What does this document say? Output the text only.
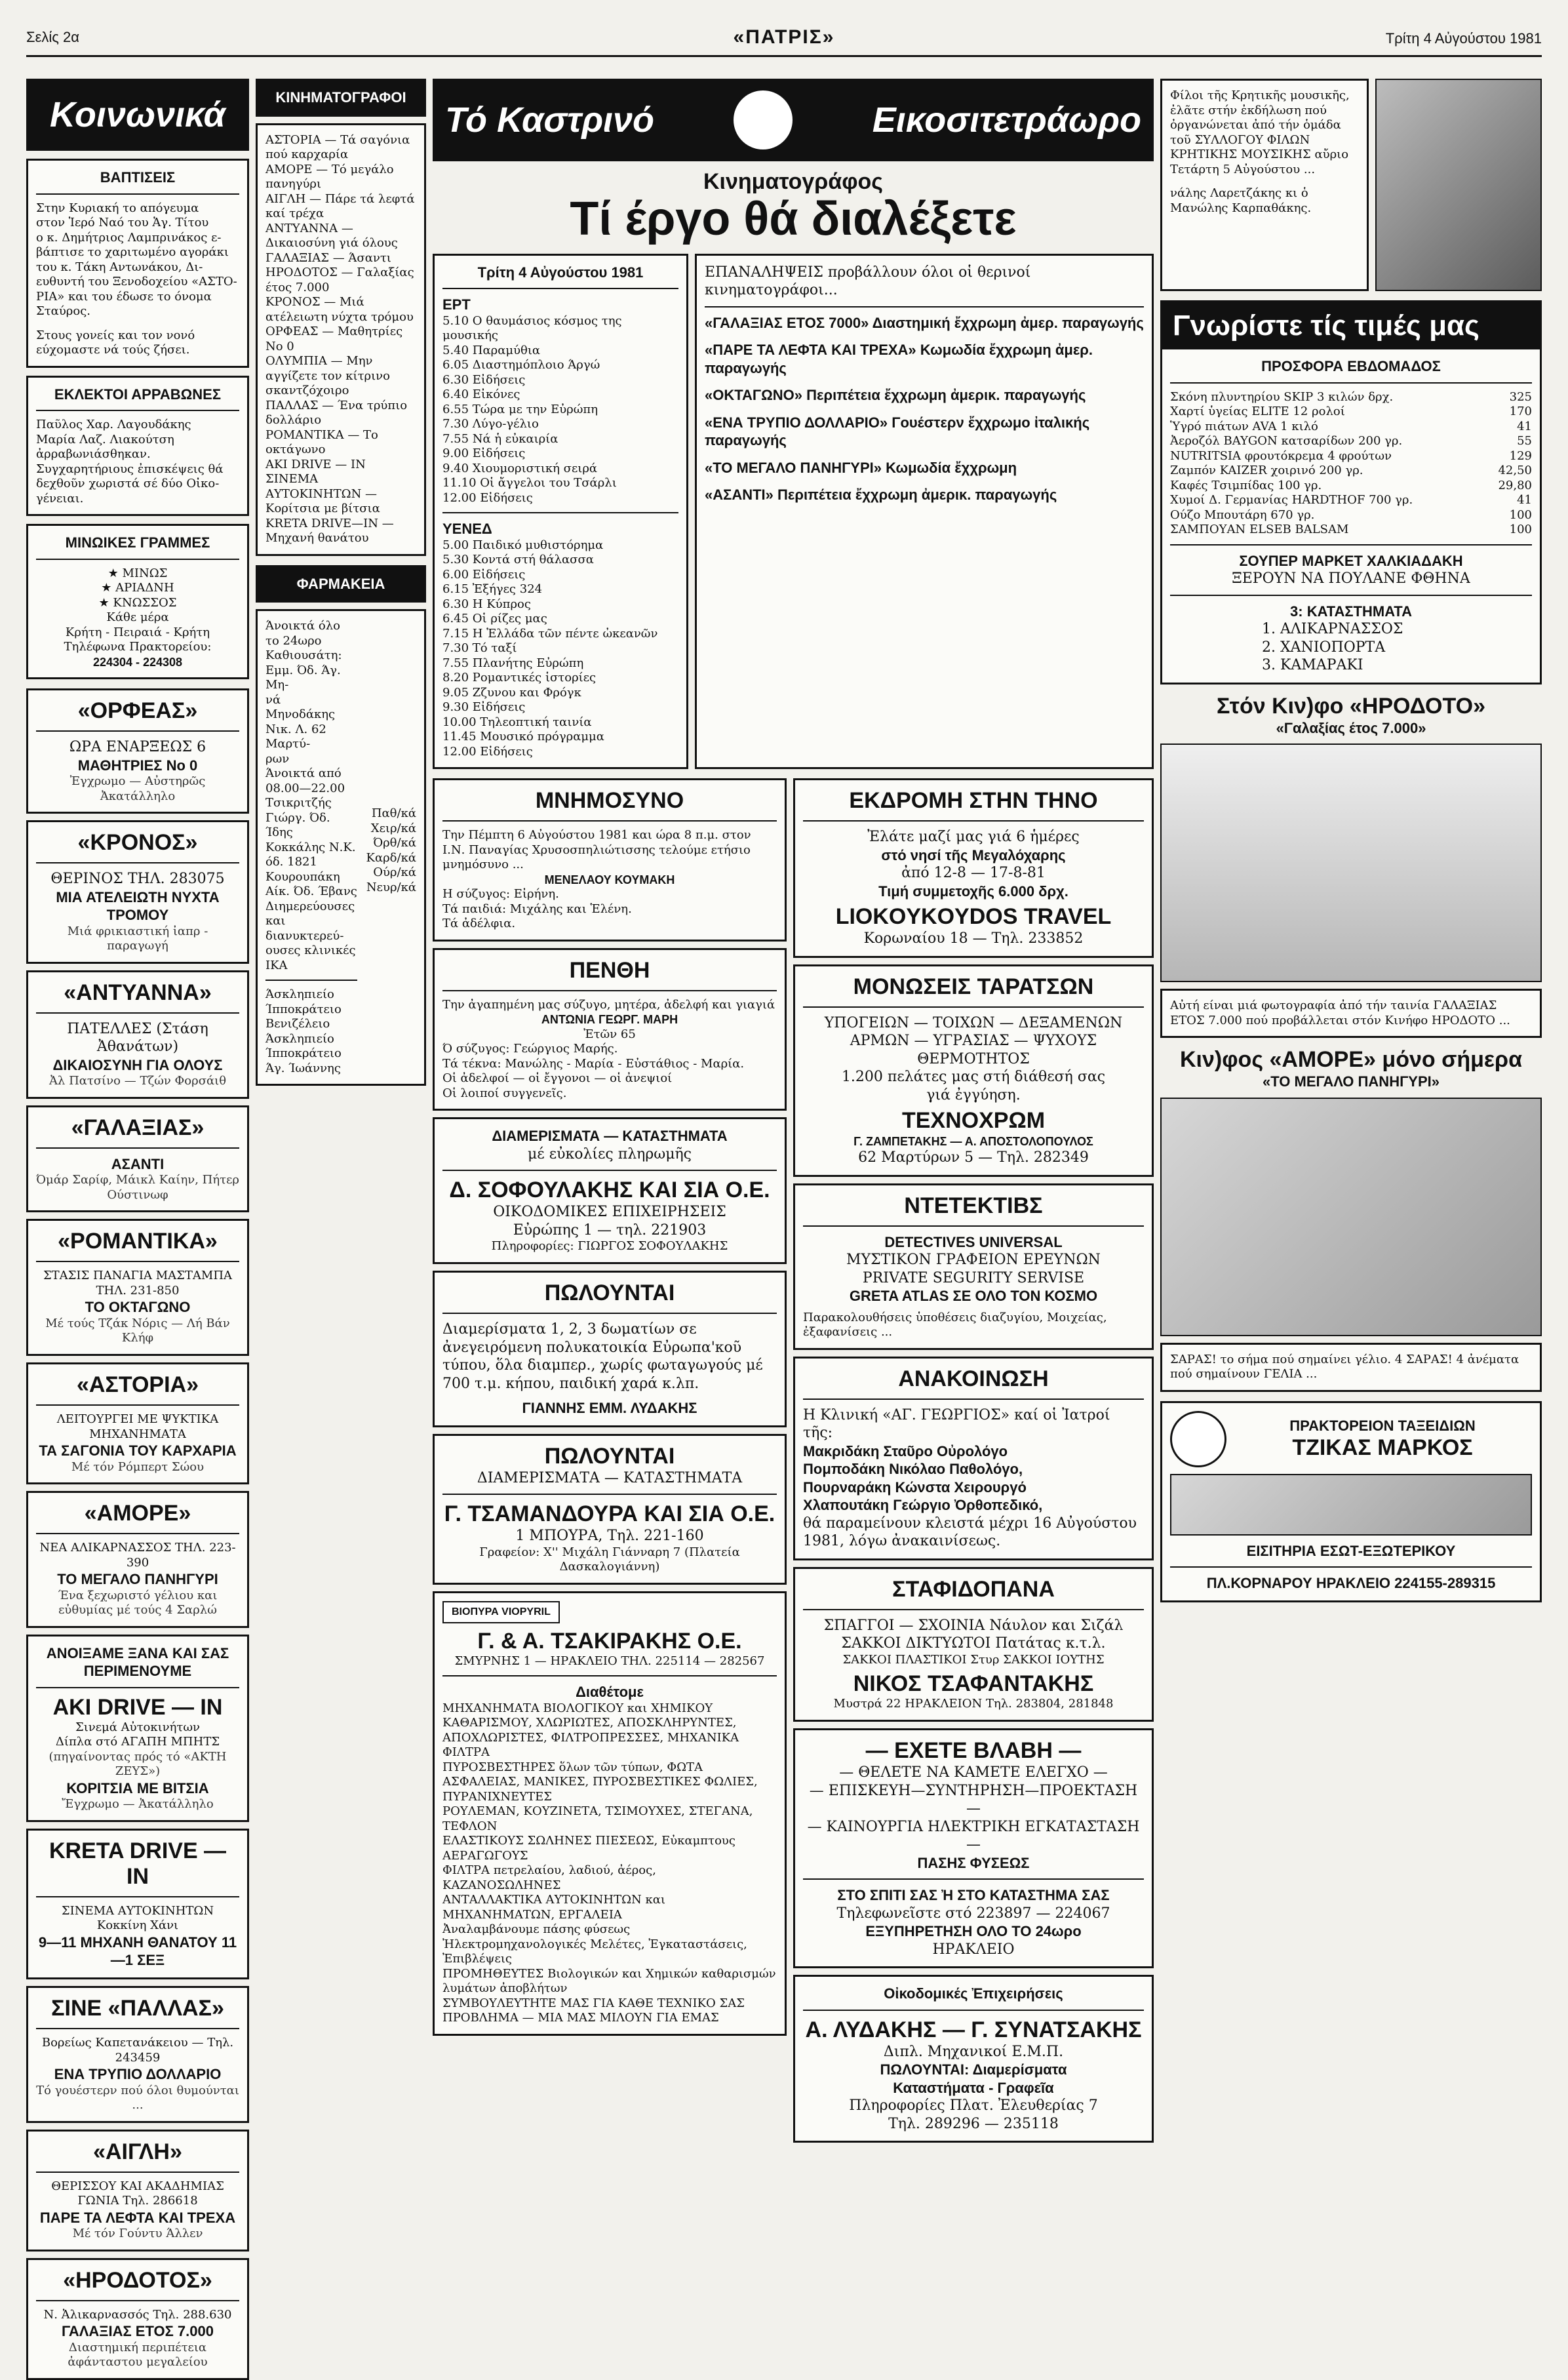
Σελίς 2α	«ΠΑΤΡΙΣ»	Τρίτη 4 Αὐγούστου 1981
Κοινωνικά
ΒΑΠΤΙΣΕΙΣ
Στην Κυριακή το απόγευμα
στον Ἱερό Ναό του Ἁγ. Τίτου
ο κ. Δημήτριος Λαμπρινάκος ε-
βάπτισε το χαριτωμένο αγοράκι
του κ. Τάκη Αντωνάκου, Δι-
ευθυντή του Ξενοδοχείου «ΑΣΤΟ-
ΡΙΑ» και του έδωσε το όνομα
Σταύρος.
Στους γονείς και τον νονό εύχομαστε νά τούς ζήσει.
ΕΚΛΕΚΤΟΙ ΑΡΡΑΒΩΝΕΣ
Παῦλος Χαρ. Λαγουδάκης
Μαρία Λαζ. Λιακούτση
ἀρραβωνιάσθηκαν.
Συγχαρητήριους ἐπισκέψεις θά
δεχθοῦν χωριστά σέ δύο Οἰκο-
γένειαι.
ΜΙΝΩΙΚΕΣ ΓΡΑΜΜΕΣ
★ ΜΙΝΩΣ
★ ΑΡΙΑΔΝΗ
★ ΚΝΩΣΣΟΣ
Κάθε μέρα
Κρήτη - Πειραιά - Κρήτη
Τηλέφωνα Πρακτορείου:
224304 - 224308
«ΟΡΦΕΑΣ»
ΩΡΑ ΕΝΑΡΞΕΩΣ 6
ΜΑΘΗΤΡΙΕΣ Νο 0
Ἐγχρωμο — Αὐστηρῶς Ἀκατάλληλο
«ΚΡΟΝΟΣ»
ΘΕΡΙΝΟΣ ΤΗΛ. 283075
ΜΙΑ ΑΤΕΛΕΙΩΤΗ ΝΥΧΤΑ ΤΡΟΜΟΥ
Μιά φρικιαστική ἰαπρ - παραγωγή
«ΑΝΤΥΑΝΝΑ»
ΠΑΤΕΛΛΕΣ (Στάση Ἀθανάτων)
ΔΙΚΑΙΟΣΥΝΗ ΓΙΑ ΟΛΟΥΣ
Ἀλ Πατσίνο — Τζών Φορσάιθ
«ΓΑΛΑΞΙΑΣ»
ΑΣΑΝΤΙ
Όμάρ Σαρίφ, Μάικλ Καίην, Πήτερ Ούστινωφ
«ΡΟΜΑΝΤΙΚΑ»
ΣΤΑΣΙΣ ΠΑΝΑΓΙΑ ΜΑΣΤΑΜΠΑ ΤΗΛ. 231-850
ΤΟ ΟΚΤΑΓΩΝΟ
Μέ τούς Τζάκ Νόρις — Λή Βάν Κλήφ
«ΑΣΤΟΡΙΑ»
ΛΕΙΤΟΥΡΓΕΙ ΜΕ ΨΥΚΤΙΚΑ ΜΗΧΑΝΗΜΑΤΑ
ΤΑ ΣΑΓΟΝΙΑ ΤΟΥ ΚΑΡΧΑΡΙΑ
Μέ τόν Ρόμπερτ Σώου
«ΑΜΟΡΕ»
ΝΕΑ ΑΛΙΚΑΡΝΑΣΣΟΣ ΤΗΛ. 223-390
ΤΟ ΜΕΓΑΛΟ ΠΑΝΗΓΥΡΙ
Ένα ξεχωριστό γέλιου και εὐθυμίας μέ τούς 4 Σαρλώ
ΑΝΟΙΞΑΜΕ ΞΑΝΑ ΚΑΙ ΣΑΣ ΠΕΡΙΜΕΝΟΥΜΕ
AKI DRIVE — IN
Σινεμά Αὐτοκινήτων
Δίπλα στό ΑΓΑΠΗ ΜΠΗΤΣ
(πηγαίνοντας πρός τό «ΑΚΤΗ ΖΕΥΣ»)
ΚΟΡΙΤΣΙΑ ΜΕ ΒΙΤΣΙΑ
Ἔγχρωμο — Ἀκατάλληλο
KRETA DRIVE — IN
ΣΙΝΕΜΑ ΑΥΤΟΚΙΝΗΤΩΝ
Κοκκίνη Χάνι
9—11 ΜΗΧΑΝΗ ΘΑΝΑΤΟΥ 11—1 ΣΕΞ
ΣΙΝΕ «ΠΑΛΛΑΣ»
Βορείως Καπετανάκειου — Τηλ. 243459
ΕΝΑ ΤΡΥΠΙΟ ΔΟΛΛΑΡΙΟ
Τό γουέστερν πού όλοι θυμούνται ...
«ΑΙΓΛΗ»
ΘΕΡΙΣΣΟΥ ΚΑΙ ΑΚΑΔΗΜΙΑΣ ΓΩΝΙΑ Τηλ. 286618
ΠΑΡΕ ΤΑ ΛΕΦΤΑ ΚΑΙ ΤΡΕΧΑ
Μέ τόν Γούντυ Άλλεν
«ΗΡΟΔΟΤΟΣ»
Ν. Ἀλικαρνασσός Τηλ. 288.630
ΓΑΛΑΞΙΑΣ ΕΤΟΣ 7.000
Διαστημική περιπέτεια ἀφάνταστου μεγαλείου
ΚΙΝΗΜΑΤΟΓΡΑΦΟΙ
ΑΣΤΟΡΙΑ — Τά σαγόνια πού καρχαρία
ΑΜΟΡΕ — Τό μεγάλο πανηγύρι
ΑΙΓΛΗ — Πάρε τά λεφτά καί τρέχα
ΑΝΤΥΑΝΝΑ — Δικαιοσύνη γιά όλους
ΓΑΛΑΞΙΑΣ — Άσαντι
ΗΡΟΔΟΤΟΣ — Γαλαξίας έτος 7.000
ΚΡΟΝΟΣ — Μιά ατέλειωτη νύχτα τρόμου
ΟΡΦΕΑΣ — Μαθητρίες Νο 0
ΟΛΥΜΠΙΑ — Μην αγγίζετε τον κίτρινο σκαντζόχοιρο
ΠΑΛΛΑΣ — Ένα τρύπιο δολλάριο
ΡΟΜΑΝΤΙΚΑ — Το οκτάγωνο
AKI DRIVE — IN
ΣΙΝΕΜΑ ΑΥΤΟΚΙΝΗΤΩΝ — Κορίτσια με βίτσια
KRETA DRIVE—IN — Μηχανή θανάτου
ΦΑΡΜΑΚΕΙΑ
Άνοικτά όλο το 24ωρο
Καθιουσάτη: Εμμ. Όδ. Άγ. Μη-
νά
Μηνοδάκης Νικ. Λ. 62 Μαρτύ-
ρων
Άνοικτά από 08.00—22.00
Τσικριτζής Γιώργ. Όδ. Ίδης
Κοκκάλης Ν.Κ. όδ. 1821
Κουρουπάκη Αίκ. Όδ. Έβανς
Διημερεύουσες και διανυκτερεύ-
ουσες κλινικές ΙΚΑ
Άσκληπιείο
Ίπποκράτειο
Βενιζέλειο
Άσκληπιείο
Ίπποκράτειο
Άγ. Ίωάννης
Παθ/κά
Χειρ/κά
Όρθ/κά
Καρδ/κά
Ούρ/κά
Νευρ/κά
Τό Καστρινό	Εικοσιτετράωρο
Κινηματογράφος
Τί έργο θά διαλέξετε
Τρίτη 4 Αὐγούστου 1981
ΕΡΤ
5.10 Ο θαυμάσιος κόσμος της μουσικής
5.40 Παραμύθια
6.05 Διαστημόπλοιο Άργώ
6.30 Εἰδήσεις
6.40 Εἰκόνες
6.55 Τώρα με την Εὐρώπη
7.30 Λύγο-γέλιο
7.55 Νά ἡ εὐκαιρία
9.00 Εἰδήσεις
9.40 Χιουμοριστική σειρά
11.10 Οἱ ἄγγελοι του Τσάρλι
12.00 Εἰδήσεις
ΥΕΝΕΔ
5.00 Παιδικό μυθιστόρημα
5.30 Κοντά στή θάλασσα
6.00 Εἰδήσεις
6.15 Ἐξήγες 324
6.30 Η Κύπρος
6.45 Οἱ ρίζες μας
7.15 Η Ἑλλάδα τῶν πέντε ὠκεανῶν
7.30 Τό ταξί
7.55 Πλανήτης Εὐρώπη
8.20 Ρομαντικές ἱστορίες
9.05 Ζζυνου και Φρόγκ
9.30 Εἰδήσεις
10.00 Τηλεοπτική ταινία
11.45 Μουσικό πρόγραμμα
12.00 Εἰδήσεις
ΕΠΑΝΑΛΗΨΕΙΣ προβάλλουν όλοι οἱ θερινοί κινηματογράφοι...
«ΓΑΛΑΞΙΑΣ ΕΤΟΣ 7000» Διαστημική ἔχχρωμη ἀμερ. παραγωγής
«ΠΑΡΕ ΤΑ ΛΕΦΤΑ ΚΑΙ ΤΡΕΧΑ» Κωμωδία ἔχχρωμη ἀμερ. παραγωγής
«ΟΚΤΑΓΩΝΟ» Περιπέτεια ἔχχρωμη ἀμερικ. παραγωγής
«ΕΝΑ ΤΡΥΠΙΟ ΔΟΛΛΑΡΙΟ» Γουέστερν ἔχχρωμο ἰταλικής παραγωγής
«ΤΟ ΜΕΓΑΛΟ ΠΑΝΗΓΥΡΙ» Κωμωδία ἔχχρωμη
«ΑΣΑΝΤΙ» Περιπέτεια ἔχχρωμη ἀμερικ. παραγωγής
ΜΝΗΜΟΣΥΝΟ
Την Πέμπτη 6 Αὐγούστου 1981 και ώρα 8 π.μ. στον Ι.Ν. Παναγίας Χρυσοσπηλιώτισσης τελούμε ετήσιο μνημόσυνο ...
ΜΕΝΕΛΑΟΥ ΚΟΥΜΑΚΗ
Η σύζυγος: Εἰρήνη.
Τά παιδιά: Μιχάλης και Ἑλένη.
Τά ἀδέλφια.
ΠΕΝΘΗ
Την ἀγαπημένη μας σύζυγο, μητέρα, ἀδελφή και γιαγιά
ΑΝΤΩΝΙΑ ΓΕΩΡΓ. ΜΑΡΗ
Ἐτῶν 65
Ό σύζυγος: Γεώργιος Μαρής.
Τά τέκνα: Μανώλης - Μαρία - Εὐστάθιος - Μαρία.
Οἱ ἀδελφοί — οἱ ἔγγονοι — οἱ ἀνεψιοί
Οἱ λοιποί συγγενεῖς.
ΔΙΑΜΕΡΙΣΜΑΤΑ — ΚΑΤΑΣΤΗΜΑΤΑ
μέ εὐκολίες πληρωμῆς
Δ. ΣΟΦΟΥΛΑΚΗΣ ΚΑΙ ΣΙΑ Ο.Ε.
ΟΙΚΟΔΟΜΙΚΕΣ ΕΠΙΧΕΙΡΗΣΕΙΣ
Εὐρώπης 1 — τηλ. 221903
Πληροφορίες: ΓΙΩΡΓΟΣ ΣΟΦΟΥΛΑΚΗΣ
ΠΩΛΟΥΝΤΑΙ
Διαμερίσματα 1, 2, 3 δωματίων σε ἀνεγειρόμενη πολυκατοικία Εὐρωπα'κοῦ τύπου, ὅλα διαμπερ., χωρίς φωταγωγούς μέ 700 τ.μ. κήπου, παιδική χαρά κ.λπ.
ΓΙΑΝΝΗΣ ΕΜΜ. ΛΥΔΑΚΗΣ
ΠΩΛΟΥΝΤΑΙ
ΔΙΑΜΕΡΙΣΜΑΤΑ — ΚΑΤΑΣΤΗΜΑΤΑ
Γ. ΤΣΑΜΑΝΔΟΥΡΑ ΚΑΙ ΣΙΑ Ο.Ε.
1 ΜΠΟΥΡΑ, Τηλ. 221-160
Γραφείον: Χ'' Μιχάλη Γιάνναρη 7 (Πλατεία Δασκαλογιάννη)
ΒΙΟΠΥΡΑ VIOPYRIL
Γ. & Α. ΤΣΑΚΙΡΑΚΗΣ Ο.Ε.
ΣΜΥΡΝΗΣ 1 — ΗΡΑΚΛΕΙΟ ΤΗΛ. 225114 — 282567
Διαθέτομε
ΜΗΧΑΝΗΜΑΤΑ ΒΙΟΛΟΓΙΚΟΥ και ΧΗΜΙΚΟΥ ΚΑΘΑΡΙΣΜΟΥ, ΧΛΩΡΙΩΤΕΣ, ΑΠΟΣΚΛΗΡΥΝΤΕΣ, ΑΠΟΧΛΩΡΙΣΤΕΣ, ΦΙΛΤΡΟΠΡΕΣΣΕΣ, ΜΗΧΑΝΙΚΑ ΦΙΛΤΡΑ
ΠΥΡΟΣΒΕΣΤΗΡΕΣ ὅλων τῶν τύπων, ΦΩΤΑ ΑΣΦΑΛΕΙΑΣ, ΜΑΝΙΚΕΣ, ΠΥΡΟΣΒΕΣΤΙΚΕΣ ΦΩΛΙΕΣ, ΠΥΡΑΝΙΧΝΕΥΤΕΣ
ΡΟΥΛΕΜΑΝ, ΚΟΥΖΙΝΕΤΑ, ΤΣΙΜΟΥΧΕΣ, ΣΤΕΓΑΝΑ, ΤΕΦΛΟΝ
ΕΛΑΣΤΙΚΟΥΣ ΣΩΛΗΝΕΣ ΠΙΕΣΕΩΣ, Εὐκαμπτους ΑΕΡΑΓΩΓΟΥΣ
ΦΙΛΤΡΑ πετρελαίου, λαδιού, ἀέρος, ΚΑΖΑΝΟΣΩΛΗΝΕΣ
ΑΝΤΑΛΛΑΚΤΙΚΑ ΑΥΤΟΚΙΝΗΤΩΝ και ΜΗΧΑΝΗΜΑΤΩΝ, ΕΡΓΑΛΕΙΑ
Ἀναλαμβάνουμε πάσης φύσεως Ἠλεκτρομηχανολογικές Μελέτες, Ἐγκαταστάσεις, Ἐπιβλέψεις
ΠΡΟΜΗΘΕΥΤΕΣ Βιολογικών και Χημικών καθαρισμών λυμάτων ἀποβλήτων
ΣΥΜΒΟΥΛΕΥΤΗΤΕ ΜΑΣ ΓΙΑ ΚΑΘΕ ΤΕΧΝΙΚΟ ΣΑΣ ΠΡΟΒΛΗΜΑ — ΜΙΑ ΜΑΣ ΜΙΛΟΥΝ ΓΙΑ ΕΜΑΣ
ΕΚΔΡΟΜΗ ΣΤΗΝ ΤΗΝΟ
Ἐλάτε μαζί μας γιά 6 ἡμέρες
στό νησί τῆς Μεγαλόχαρης
ἀπό 12-8 — 17-8-81
Τιμή συμμετοχῆς 6.000 δρχ.
LIOKOYKOYDOS TRAVEL
Κορωναίου 18 — Τηλ. 233852
ΜΟΝΩΣΕΙΣ ΤΑΡΑΤΣΩΝ
ΥΠΟΓΕΙΩΝ — ΤΟΙΧΩΝ — ΔΕΞΑΜΕΝΩΝ
ΑΡΜΩΝ — ΥΓΡΑΣΙΑΣ — ΨΥΧΟΥΣ
ΘΕΡΜΟΤΗΤΟΣ
1.200 πελάτες μας στή διάθεσή σας
γιά ἐγγύηση.
ΤΕΧΝΟΧΡΩΜ
Γ. ΖΑΜΠΕΤΑΚΗΣ — Α. ΑΠΟΣΤΟΛΟΠΟΥΛΟΣ
62 Μαρτύρων 5 — Τηλ. 282349
ΝΤΕΤΕΚΤΙΒΣ
DETECTIVES UNIVERSAL
ΜΥΣΤΙΚΟΝ ΓΡΑΦΕΙΟΝ ΕΡΕΥΝΩΝ
PRIVATE SEGURITY SERVISE
GRETA ATLAS ΣΕ ΟΛΟ ΤΟΝ ΚΟΣΜΟ
Παρακολουθήσεις ὑποθέσεις διαζυγίου, Μοιχείας, ἐξαφανίσεις ...
ΑΝΑΚΟΙΝΩΣΗ
Η Κλινική «ΑΓ. ΓΕΩΡΓΙΟΣ» καί οἱ Ἰατροί τῆς:
Μακριδάκη Σταῦρο Οὐρολόγο
Πομποδάκη Νικόλαο Παθολόγο,
Πουρναράκη Κώνστα Χειρουργό
Χλαπουτάκη Γεώργιο Ὀρθοπεδικό,
θά παραμείνουν κλειστά μέχρι 16 Αὐγούστου
1981, λόγω ἀνακαινίσεως.
ΣΤΑΦΙΔΟΠΑΝΑ
ΣΠΑΓΓΟΙ — ΣΧΟΙΝΙΑ Νάυλον και Σιζάλ
ΣΑΚΚΟΙ ΔΙΚΤΥΩΤΟΙ Πατάτας κ.τ.λ.
ΣΑΚΚΟΙ ΠΛΑΣΤΙΚΟΙ Στυρ ΣΑΚΚΟΙ ΙΟΥΤΗΣ
ΝΙΚΟΣ ΤΣΑΦΑΝΤΑΚΗΣ
Μυστρά 22 ΗΡΑΚΛΕΙΟΝ Τηλ. 283804, 281848
— ΕΧΕΤΕ ΒΛΑΒΗ —
— ΘΕΛΕΤΕ ΝΑ ΚΑΜΕΤΕ ΕΛΕΓΧΟ —
— ΕΠΙΣΚΕΥΗ—ΣΥΝΤΗΡΗΣΗ—ΠΡΟΕΚΤΑΣΗ —
— ΚΑΙΝΟΥΡΓΙΑ ΗΛΕΚΤΡΙΚΗ ΕΓΚΑΤΑΣΤΑΣΗ —
ΠΑΣΗΣ ΦΥΣΕΩΣ
ΣΤΟ ΣΠΙΤΙ ΣΑΣ Ἠ ΣΤΟ ΚΑΤΑΣΤΗΜΑ ΣΑΣ
Τηλεφωνεῖστε στό 223897 — 224067
ΕΞΥΠΗΡΕΤΗΣΗ ΟΛΟ ΤΟ 24ωρο
ΗΡΑΚΛΕΙΟ
Οἰκοδομικές Ἐπιχειρήσεις
Α. ΛΥΔΑΚΗΣ — Γ. ΣΥΝΑΤΣΑΚΗΣ
Διπλ. Μηχανικοί Ε.Μ.Π.
ΠΩΛΟΥΝΤΑΙ: Διαμερίσματα
Καταστήματα - Γραφεῖα
Πληροφορίες Πλατ. Ἐλευθερίας 7
Τηλ. 289296 — 235118
Φίλοι τῆς Κρητικῆς μουσικῆς, ἐλᾶτε στήν ἐκδήλωση πού ὀργανώνεται ἀπό τήν ὁμάδα τοῦ ΣΥΛΛΟΓΟΥ ΦΙΛΩΝ ΚΡΗΤΙΚΗΣ ΜΟΥΣΙΚΗΣ αὔριο Τετάρτη 5 Αὐγούστου ...
νάλης Λαρετζάκης κι ὁ Μανώλης Καρπαθάκης.
Γνωρίστε τίς τιμές μας
ΠΡΟΣΦΟΡΑ ΕΒΔΟΜΑΔΟΣ
Σκόνη πλυντηρίου SKIP 3 κιλών δρχ.	325
Χαρτί ὑγείας ELITE 12 ρολοί	170
Ὑγρό πιάτων AVA 1 κιλό	41
Ἀεροζόλ BAYGON κατσαρίδων 200 γρ.	55
NUTRITSIA φρουτόκρεμα 4 φρούτων	129
Ζαμπόν KAIZER χοιρινό 200 γρ.	42,50
Καφές Τσιμπίδας 100 γρ.	29,80
Χυμοί Δ. Γερμανίας HARDTHOF 700 γρ.	41
Ούζο Μπουτάρη 670 γρ.	100
ΣΑΜΠΟΥΑΝ ELSEB BALSAM	100
ΣΟΥΠΕΡ ΜΑΡΚΕΤ ΧΑΛΚΙΑΔΑΚΗ
ΞΕΡΟΥΝ ΝΑ ΠΟΥΛΑΝΕ ΦΘΗΝΑ
3: ΚΑΤΑΣΤΗΜΑΤΑ
1. ΑΛΙΚΑΡΝΑΣΣΟΣ
2. ΧΑΝΙΟΠΟΡΤΑ
3. ΚΑΜΑΡΑΚΙ
Στόν Κιν)φο «ΗΡΟΔΟΤΟ»
«Γαλαξίας έτος 7.000»
Αὐτή είναι μιά φωτογραφία ἀπό τήν ταινία ΓΑΛΑΞΙΑΣ ΕΤΟΣ 7.000 πού προβάλλεται στόν Κινήφο ΗΡΟΔΟΤΟ ...
Κιν)φος «ΑΜΟΡΕ» μόνο σήμερα
«ΤΟ ΜΕΓΑΛΟ ΠΑΝΗΓΥΡΙ»
ΣΑΡΑΣ! το σήμα πού σημαίνει γέλιο. 4 ΣΑΡΑΣ! 4 ἀνέματα πού σημαίνουν ΓΕΛΙΑ ...
ΠΡΑΚΤΟΡΕΙΟΝ ΤΑΞΕΙΔΙΩΝ
ΤΖΙΚΑΣ ΜΑΡΚΟΣ
ΕΙΣΙΤΗΡΙΑ ΕΣΩΤ-ΕΞΩΤΕΡΙΚΟΥ
ΠΛ.ΚΟΡΝΑΡΟΥ ΗΡΑΚΛΕΙΟ 224155-289315
